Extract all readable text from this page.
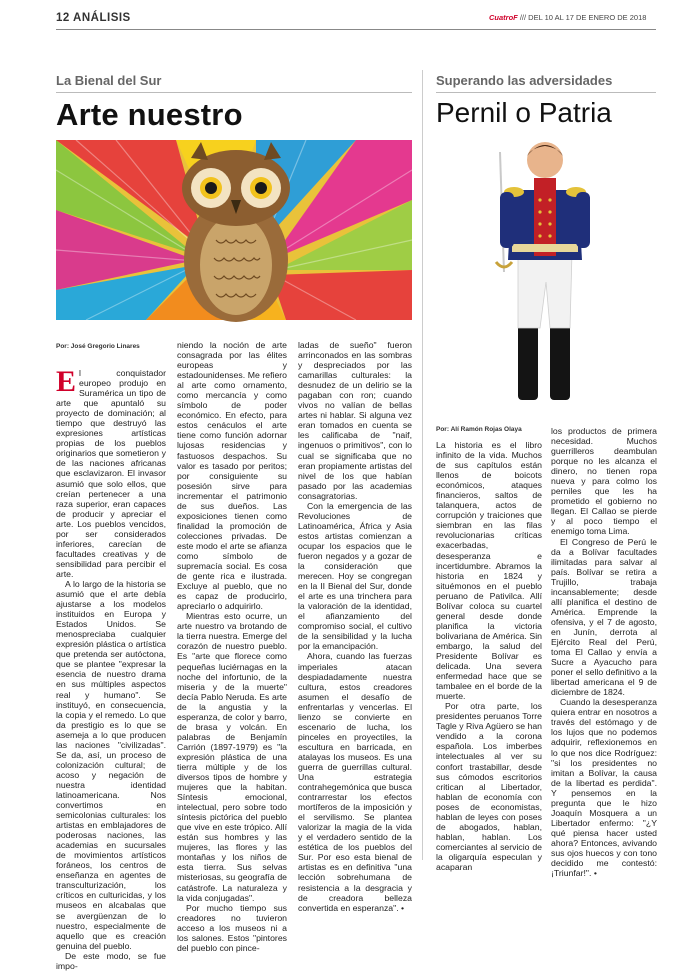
12 ANÁLISIS	CuatroF /// DEL 10 AL 17 DE ENERO DE 2018
La Bienal del Sur
Arte nuestro
Superando las adversidades
Pernil o Patria
Por: José Gregorio Linares
Por: Alí Ramón Rojas Olaya

El conquistador europeo produjo en Suramérica un tipo de arte que apuntaló su proyecto de dominación; al tiempo que destruyó las expresiones artísticas propias de los pueblos originarios que sometieron y de las naciones africanas que esclavizaron. El invasor asumió que solo ellos, que creían pertenecer a una raza superior, eran capaces de producir y apreciar el arte. Los pueblos vencidos, por ser considerados inferiores, carecían de facultades creativas y de sensibilidad para percibir el arte.

A lo largo de la historia se asumió que el arte debía ajustarse a los modelos instituidos en Europa y Estados Unidos. Se menospreciaba cualquier expresión plástica o artística que pretenda ser autóctona, que se plantee "expresar la esencia de nuestro drama en sus múltiples aspectos real y humano". Se instituyó, en consecuencia, la copia y el remedo. Lo que da prestigio es lo que se asemeja a lo que producen las naciones "civilizadas". Se da, así, un proceso de colonización cultural; de acoso y negación de nuestra identidad latinoamericana. Nos convertimos en semicolonias culturales: los artistas en emblajadores de poderosas naciones, las academias en sucursales de movimientos artísticos foráneos, los centros de enseñanza en agentes de transculturización, los críticos en culturicidas, y los museos en alcabalas que se avergüenzan de lo nuestro, especialmente de aquello que es creación genuina del pueblo.

De este modo, se fue impo-

niendo la noción de arte consagrada por las élites europeas y estadounidenses. Me refiero al arte como ornamento, como mercancía y como símbolo de poder económico. En efecto, para estos cenáculos el arte tiene como función adornar lujosas residencias y fastuosos despachos. Su valor es tasado por peritos; por consiguiente su posesión sirve para incrementar el patrimonio de sus dueños. Las exposiciones tienen como finalidad la promoción de colecciones privadas. De este modo el arte se afianza como símbolo de supremacía social. Es cosa de gente rica e ilustrada. Excluye al pueblo, que no es capaz de producirlo, apreciarlo o adquirirlo.

Mientras esto ocurre, un arte nuestro va brotando de la tierra nuestra. Emerge del corazón de nuestro pueblo. Es "arte que florece como pequeñas luciérnagas en la noche del infortunio, de la miseria y de la muerte" decía Pablo Neruda. Es arte de la angustia y la esperanza, de color y barro, de brasa y volcán. En palabras de Benjamín Carrión (1897-1979) es "la expresión plástica de una tierra múltiple y de los diversos tipos de hombre y mujeres que la habitan. Síntesis emocional, intelectual, pero sobre todo síntesis pictórica del pueblo que vive en este trópico. Allí están sus hombres y las mujeres, las flores y las montañas y los niños de esta tierra. Sus selvas misteriosas, su geografía de catástrofe. La naturaleza y la vida conjugadas".

Por mucho tiempo sus creadores no tuvieron acceso a los museos ni a los salones. Estos "pintores del pueblo con pince-

ladas de sueño" fueron arrinconados en las sombras y despreciados por las camarillas culturales: la desnudez de un delirio se la pagaban con ron; cuando vivos no valían de bellas artes ni hablar. Si alguna vez eran tomados en cuenta se les calificaba de "naif, ingenuos o primitivos", con lo cual se significaba que no eran propiamente artistas del nivel de los que habían pasado por las academias consagratorias.

Con la emergencia de las Revoluciones de Latinoamérica, África y Asia estos artistas comienzan a ocupar los espacios que le fueron negados y a gozar de la consideración que merecen. Hoy se congregan en la II Bienal del Sur, donde el arte es una trinchera para la valoración de la identidad, el afianzamiento del compromiso social, el cultivo de la sensibilidad y la lucha por la emancipación.

Ahora, cuando las fuerzas imperiales atacan despiadadamente nuestra cultura, estos creadores asumen el desafío de enfrentarlas y vencerlas. El lienzo se convierte en escenario de lucha, los pinceles en proyectiles, la escultura en barricada, en atalayas los museos. Es una guerra de guerrillas cultural. Una estrategia contrahegemónica que busca contrarrestar los efectos mortíferos de la imposición y el servilismo. Se plantea valorizar la magia de la vida y el verdadero sentido de la estética de los pueblos del Sur. Por eso esta bienal de artistas es en definitiva "una lección sobrehumana de resistencia a la desgracia y de creadora belleza convertida en esperanza". •

La historia es el libro infinito de la vida. Muchos de sus capítulos están llenos de boicots económicos, ataques financieros, saltos de talanquera, actos de corrupción y traiciones que siembran en las filas revolucionarias críticas exacerbadas, desesperanza e incertidumbre. Abramos la historia en 1824 y situémonos en el pueblo peruano de Pativilca. Allí Bolívar coloca su cuartel general desde donde planifica la victoria bolivariana de América. Sin embargo, la salud del Presidente Bolívar es delicada. Una severa enfermedad hace que se tambalee en el borde de la muerte.

Por otra parte, los presidentes peruanos Torre Tagle y Riva Agüero se han vendido a la corona española. Los imberbes intelectuales al ver su confort trastabillar, desde sus cómodos escritorios critican al Libertador, hablan de economía con poses de economistas, hablan de leyes con poses de abogados, hablan, hablan, hablan. Los comerciantes al servicio de la oligarquía especulan y acaparan

los productos de primera necesidad. Muchos guerrilleros deambulan porque no les alcanza el dinero, no tienen ropa nueva y para colmo los perniles que les ha prometido el gobierno no llegan. El Callao se pierde y al poco tiempo el enemigo toma Lima.

El Congreso de Perú le da a Bolívar facultades ilimitadas para salvar al país. Bolívar se retira a Trujillo, trabaja incansablemente; desde allí planifica el destino de América. Emprende la ofensiva, y el 7 de agosto, en Junín, derrota al Ejército Real del Perú, toma El Callao y envía a Sucre a Ayacucho para poner el sello definitivo a la libertad americana el 9 de diciembre de 1824.

Cuando la desesperanza quiera entrar en nosotros a través del estómago y de los lujos que no podemos adquirir, reflexionemos en lo que nos dice Rodríguez: "si los presidentes no imitan a Bolívar, la causa de la libertad es perdida". Y pensemos en la pregunta que le hizo Joaquín Mosquera a un Libertador enfermo: "¿Y qué piensa hacer usted ahora? Entonces, avivando sus ojos huecos y con tono decidido me contestó: ¡Triunfar!". •
